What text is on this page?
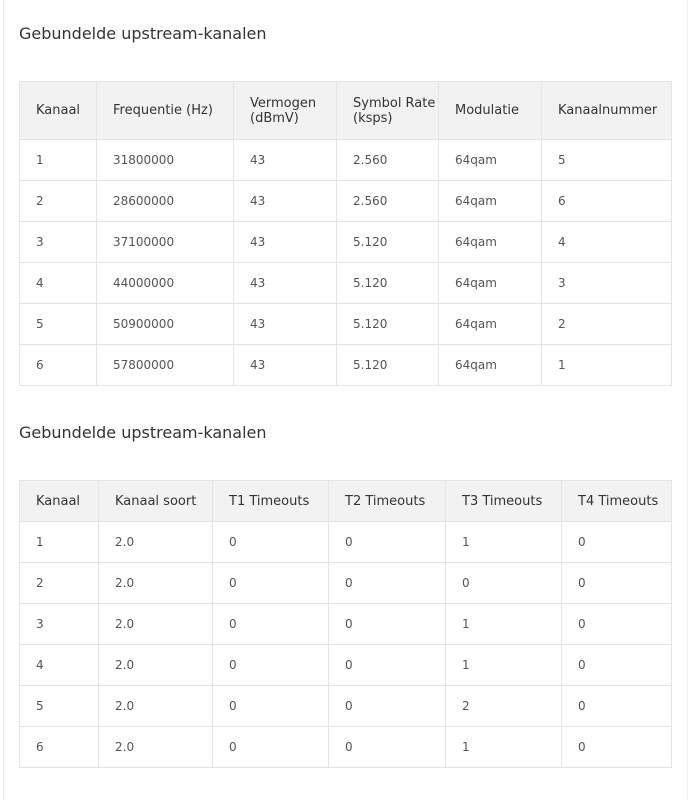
Gebundelde upstream-kanalen
Kanaal	Frequentie (Hz)	Vermogen (dBmV)	Symbol Rate (ksps)	Modulatie	Kanaalnummer
1	31800000	43	2.560	64qam	5
2	28600000	43	2.560	64qam	6
3	37100000	43	5.120	64qam	4
4	44000000	43	5.120	64qam	3
5	50900000	43	5.120	64qam	2
6	57800000	43	5.120	64qam	1
Gebundelde upstream-kanalen
Kanaal	Kanaal soort	T1 Timeouts	T2 Timeouts	T3 Timeouts	T4 Timeouts
1	2.0	0	0	1	0
2	2.0	0	0	0	0
3	2.0	0	0	1	0
4	2.0	0	0	1	0
5	2.0	0	0	2	0
6	2.0	0	0	1	0
